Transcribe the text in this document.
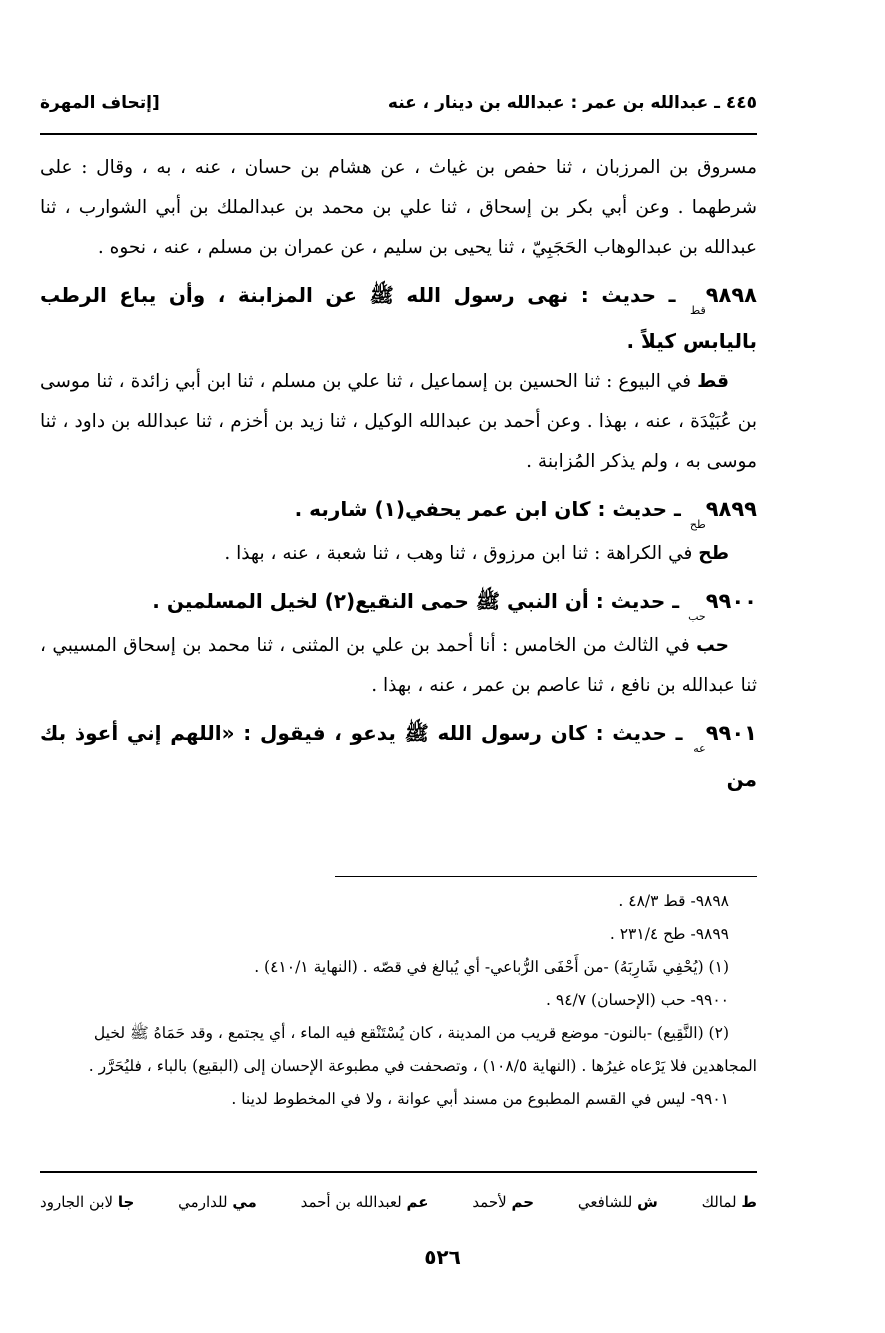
٤٤٥ ـ عبدالله بن عمر : عبدالله بن دينار ، عنه
[إتحاف المهرة

مسروق بن المرزبان ، ثنا حفص بن غياث ، عن هشام بن حسان ، عنه ، به ، وقال : على شرطهما . وعن أبي بكر بن إسحاق ، ثنا علي بن محمد بن عبدالملك بن أبي الشوارب ، ثنا عبدالله بن عبدالوهاب الحَجَبِيّ ، ثنا يحيى بن سليم ، عن عمران بن مسلم ، عنه ، نحوه .

$٩٨٩٨_{قط}$ ـ حديث : نهى رسول الله ﷺ عن المزابنة ، وأن يباع الرطب باليابس كيلاً .

قط في البيوع : ثنا الحسين بن إسماعيل ، ثنا علي بن مسلم ، ثنا ابن أبي زائدة ، ثنا موسى بن عُبَيْدَة ، عنه ، بهذا . وعن أحمد بن عبدالله الوكيل ، ثنا زيد بن أخزم ، ثنا عبدالله بن داود ، ثنا موسى به ، ولم يذكر المُزابنة .

$٩٨٩٩_{طح}$ ـ حديث : كان ابن عمر يحفي(١) شاربه .

طح في الكراهة : ثنا ابن مرزوق ، ثنا وهب ، ثنا شعبة ، عنه ، بهذا .

$٩٩٠٠_{حب}$ ـ حديث : أن النبي ﷺ حمى النقيع(٢) لخيل المسلمين .

حب في الثالث من الخامس : أنا أحمد بن علي بن المثنى ، ثنا محمد بن إسحاق المسيبي ، ثنا عبدالله بن نافع ، ثنا عاصم بن عمر ، عنه ، بهذا .

$٩٩٠١_{عه}$ ـ حديث : كان رسول الله ﷺ يدعو ، فيقول : «اللهم إني أعوذ بك من

٩٨٩٨- قط ٤٨/٣ .

٩٨٩٩- طح ٢٣١/٤ .

(١) (يُحْفِي شَارِبَهُ) -من أَحْفَى الرُّباعي- أي يُبالغ في قصّه . (النهاية ٤١٠/١) .

٩٩٠٠- حب (الإحسان) ٩٤/٧ .

(٢) (النَّقِيع) -بالنون- موضع قريب من المدينة ، كان يُسْتَنْقع فيه الماء ، أي يجتمع ، وقد حَمَاهُ ﷺ لخيل المجاهدين فلا يَرْعاه غيرُها . (النهاية ١٠٨/٥) ، وتصحفت في مطبوعة الإحسان إلى (البقيع) بالباء ، فليُحَرَّر .

٩٩٠١- ليس في القسم المطبوع من مسند أبي عوانة ، ولا في المخطوط لدينا .

ط لمالك
ش للشافعي
حم لأحمد
عم لعبدالله بن أحمد
مي للدارمي
جا لابن الجارود
٥٢٦
